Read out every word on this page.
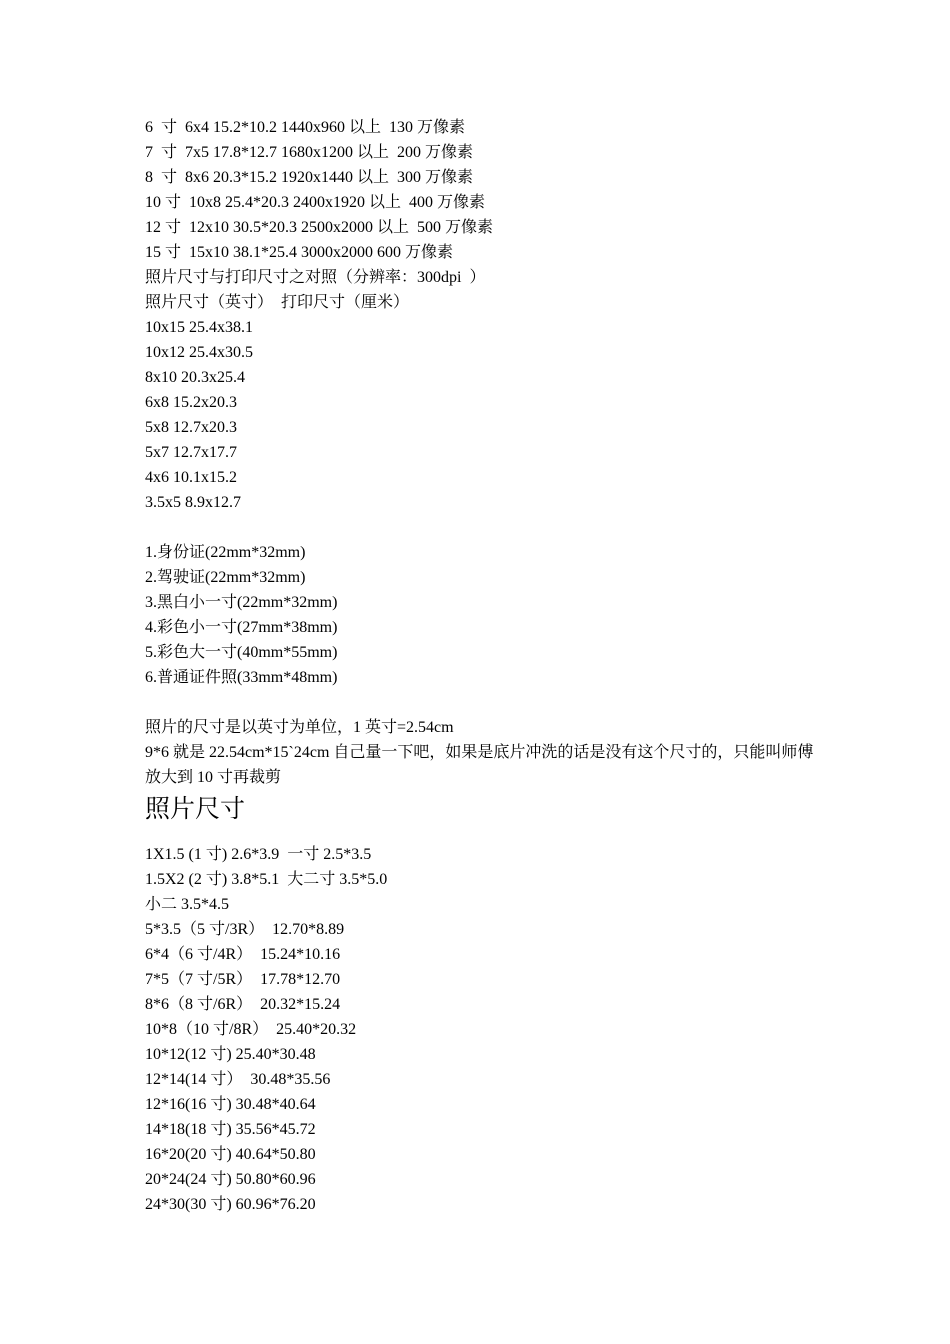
6  寸  6x4 15.2*10.2 1440x960 以上  130 万像素
7  寸  7x5 17.8*12.7 1680x1200 以上  200 万像素
8  寸  8x6 20.3*15.2 1920x1440 以上  300 万像素
10 寸  10x8 25.4*20.3 2400x1920 以上  400 万像素
12 寸  12x10 30.5*20.3 2500x2000 以上  500 万像素
15 寸  15x10 38.1*25.4 3000x2000 600 万像素
照片尺寸与打印尺寸之对照（分辨率：300dpi  ）
照片尺寸（英寸）  打印尺寸（厘米）
10x15 25.4x38.1
10x12 25.4x30.5
8x10 20.3x25.4
6x8 15.2x20.3
5x8 12.7x20.3
5x7 12.7x17.7
4x6 10.1x15.2
3.5x5 8.9x12.7
1.身份证(22mm*32mm)
2.驾驶证(22mm*32mm)
3.黑白小一寸(22mm*32mm)
4.彩色小一寸(27mm*38mm)
5.彩色大一寸(40mm*55mm)
6.普通证件照(33mm*48mm)
照片的尺寸是以英寸为单位，1 英寸=2.54cm
9*6 就是 22.54cm*15`24cm 自己量一下吧，如果是底片冲洗的话是没有这个尺寸的，只能叫师傅放大到 10 寸再裁剪
照片尺寸
1X1.5 (1 寸) 2.6*3.9  一寸 2.5*3.5
1.5X2 (2 寸) 3.8*5.1  大二寸 3.5*5.0
小二 3.5*4.5
5*3.5（5 寸/3R）  12.70*8.89
6*4（6 寸/4R）  15.24*10.16
7*5（7 寸/5R）  17.78*12.70
8*6（8 寸/6R）  20.32*15.24
10*8（10 寸/8R）  25.40*20.32
10*12(12 寸) 25.40*30.48
12*14(14 寸）  30.48*35.56
12*16(16 寸) 30.48*40.64
14*18(18 寸) 35.56*45.72
16*20(20 寸) 40.64*50.80
20*24(24 寸) 50.80*60.96
24*30(30 寸) 60.96*76.20
